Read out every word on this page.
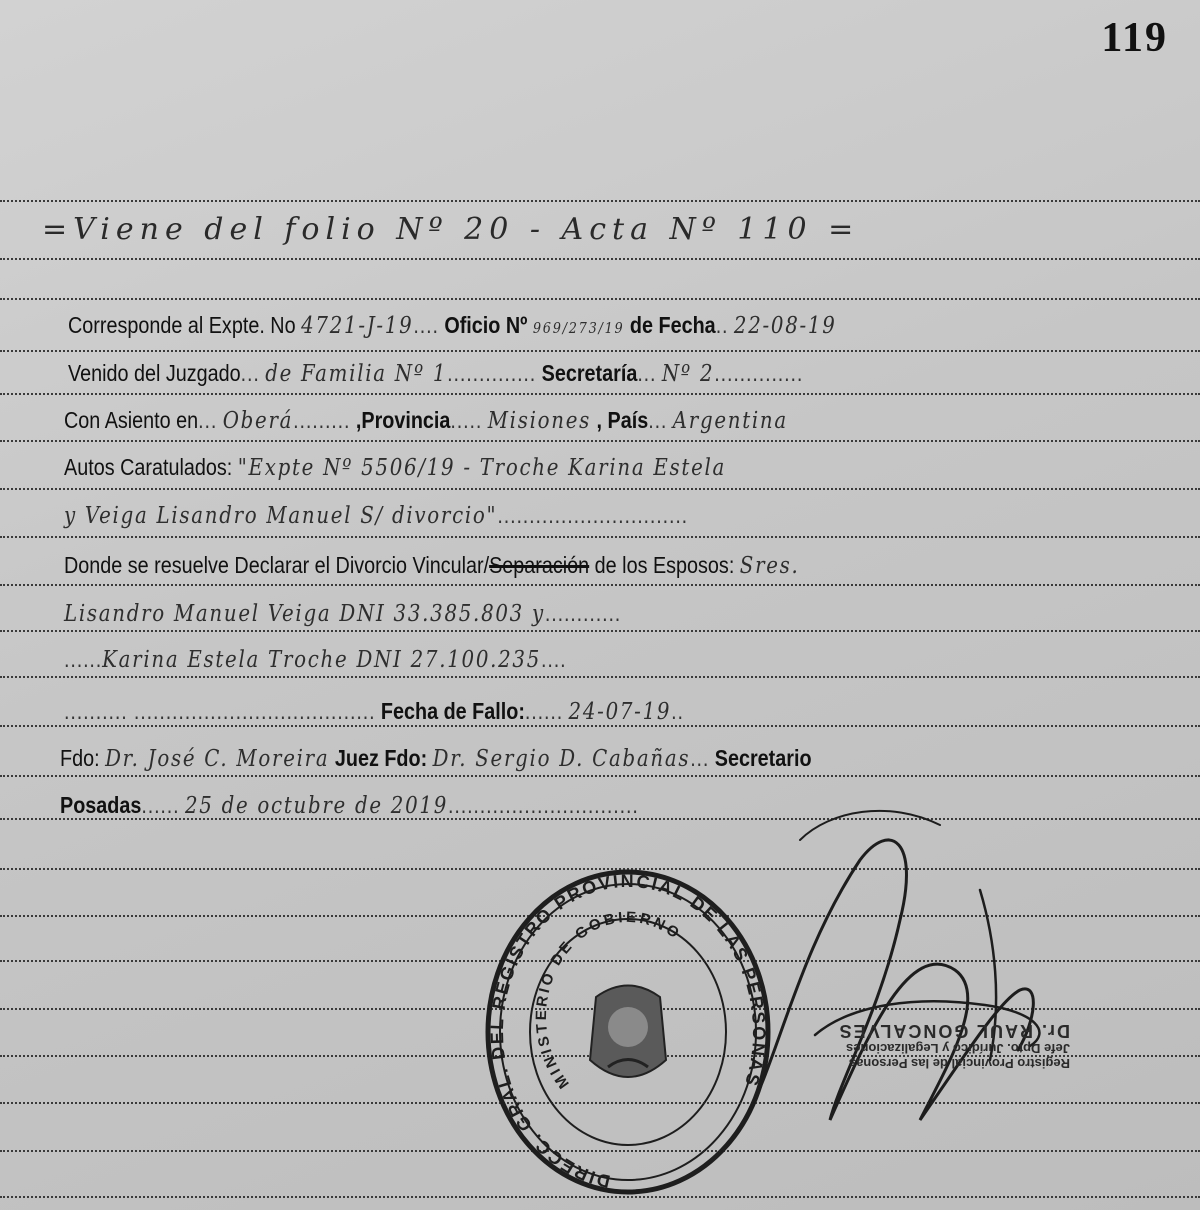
119
=Viene del folio Nº 20 - Acta Nº 110 =
Corresponde al Expte. No 4721-J-19.... Oficio Nº 969/273/19 de Fecha.. 22-08-19
Venido del Juzgado... de Familia Nº 1.............. Secretaría... Nº 2..............
Con Asiento en... Oberá......... ,Provincia..... Misiones , País... Argentina
Autos Caratulados: "Expte Nº 5506/19 - Troche Karina Estela
y Veiga Lisandro Manuel S/ divorcio"..............................
Donde se resuelve Declarar el Divorcio Vincular/Separación de los Esposos: Sres.
Lisandro Manuel Veiga DNI 33.385.803 y............
......Karina Estela Troche DNI 27.100.235....
.......... ...................................... Fecha de Fallo:...... 24-07-19..
Fdo: Dr. José C. Moreira Juez Fdo: Dr. Sergio D. Cabañas... Secretario
Posadas...... 25 de octubre de 2019..............................
DIRECC. GRAL. DEL REGISTRO PROVINCIAL DE LAS PERSONAS
MINISTERIO DE GOBIERNO
Registro Provincial de las Personas
Jefe Dpto. Jurídico y Legalizaciones
Dr. RAUL GONCALVES
